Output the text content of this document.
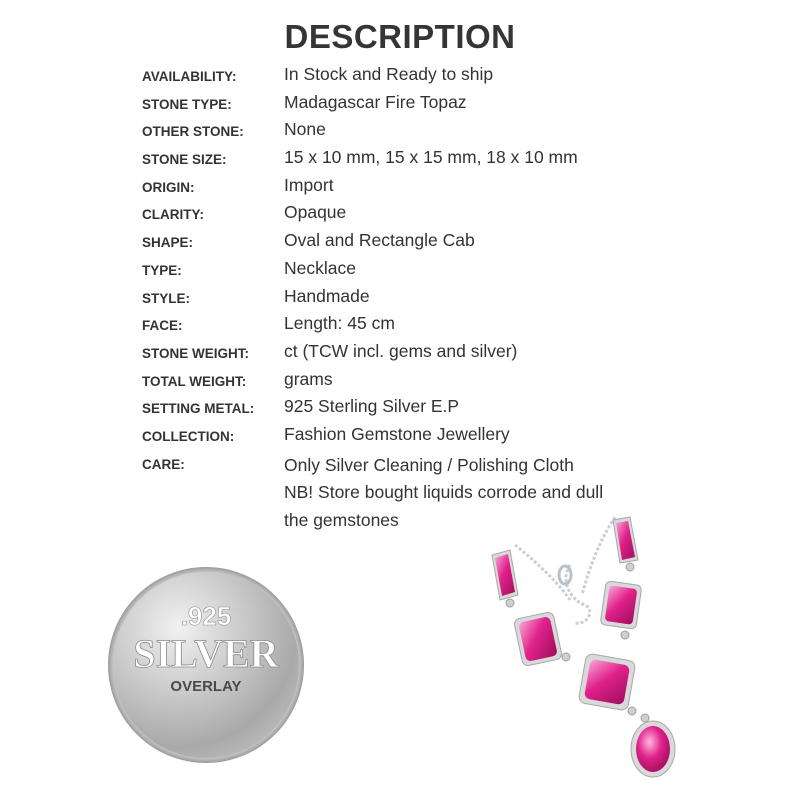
DESCRIPTION
AVAILABILITY:	In Stock and Ready to ship
STONE TYPE:	Madagascar Fire Topaz
OTHER STONE: None
STONE SIZE:	15 x 10 mm, 15 x 15 mm, 18 x 10 mm
ORIGIN:	Import
CLARITY:	Opaque
SHAPE:	Oval and Rectangle Cab
TYPE:	Necklace
STYLE:	Handmade
FACE:	Length: 45 cm
STONE WEIGHT: ct (TCW incl. gems and silver)
TOTAL WEIGHT: grams
SETTING METAL: 925 Sterling Silver E.P
COLLECTION:	Fashion Gemstone Jewellery
CARE:	Only Silver Cleaning / Polishing Cloth
NB! Store bought liquids corrode and dull
the gemstones
.925
SILVER
OVERLAY
